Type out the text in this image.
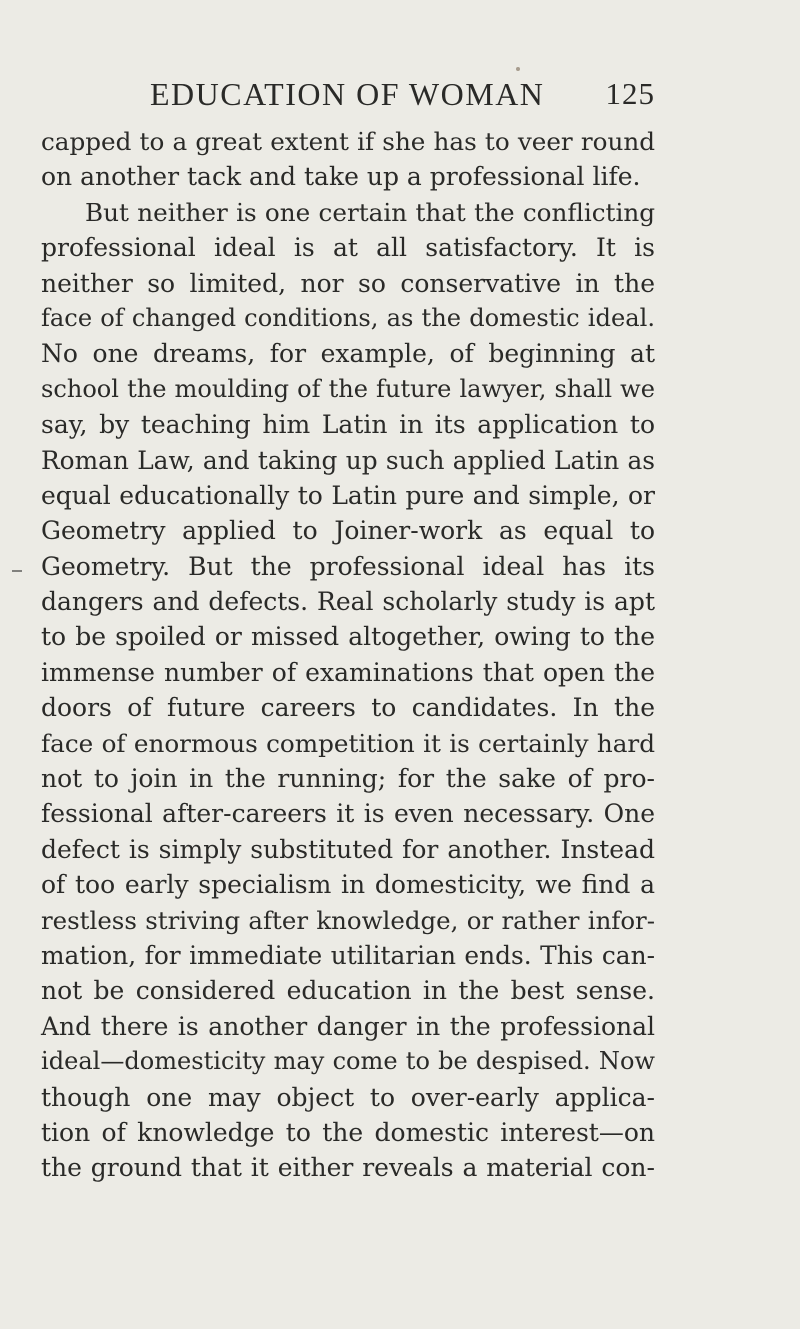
EDUCATION OF WOMAN 125
capped to a great extent if she has to veer round
on another tack and take up a professional life.
But neither is one certain that the conflicting
professional ideal is at all satisfactory. It is
neither so limited, nor so conservative in the
face of changed conditions, as the domestic ideal.
No one dreams, for example, of beginning at
school the moulding of the future lawyer, shall we
say, by teaching him Latin in its application to
Roman Law, and taking up such applied Latin as
equal educationally to Latin pure and simple, or
Geometry applied to Joiner-work as equal to
Geometry. But the professional ideal has its
dangers and defects. Real scholarly study is apt
to be spoiled or missed altogether, owing to the
immense number of examinations that open the
doors of future careers to candidates. In the
face of enormous competition it is certainly hard
not to join in the running; for the sake of pro-
fessional after-careers it is even necessary. One
defect is simply substituted for another. Instead
of too early specialism in domesticity, we find a
restless striving after knowledge, or rather infor-
mation, for immediate utilitarian ends. This can-
not be considered education in the best sense.
And there is another danger in the professional
ideal—domesticity may come to be despised. Now
though one may object to over-early applica-
tion of knowledge to the domestic interest—on
the ground that it either reveals a material con-
